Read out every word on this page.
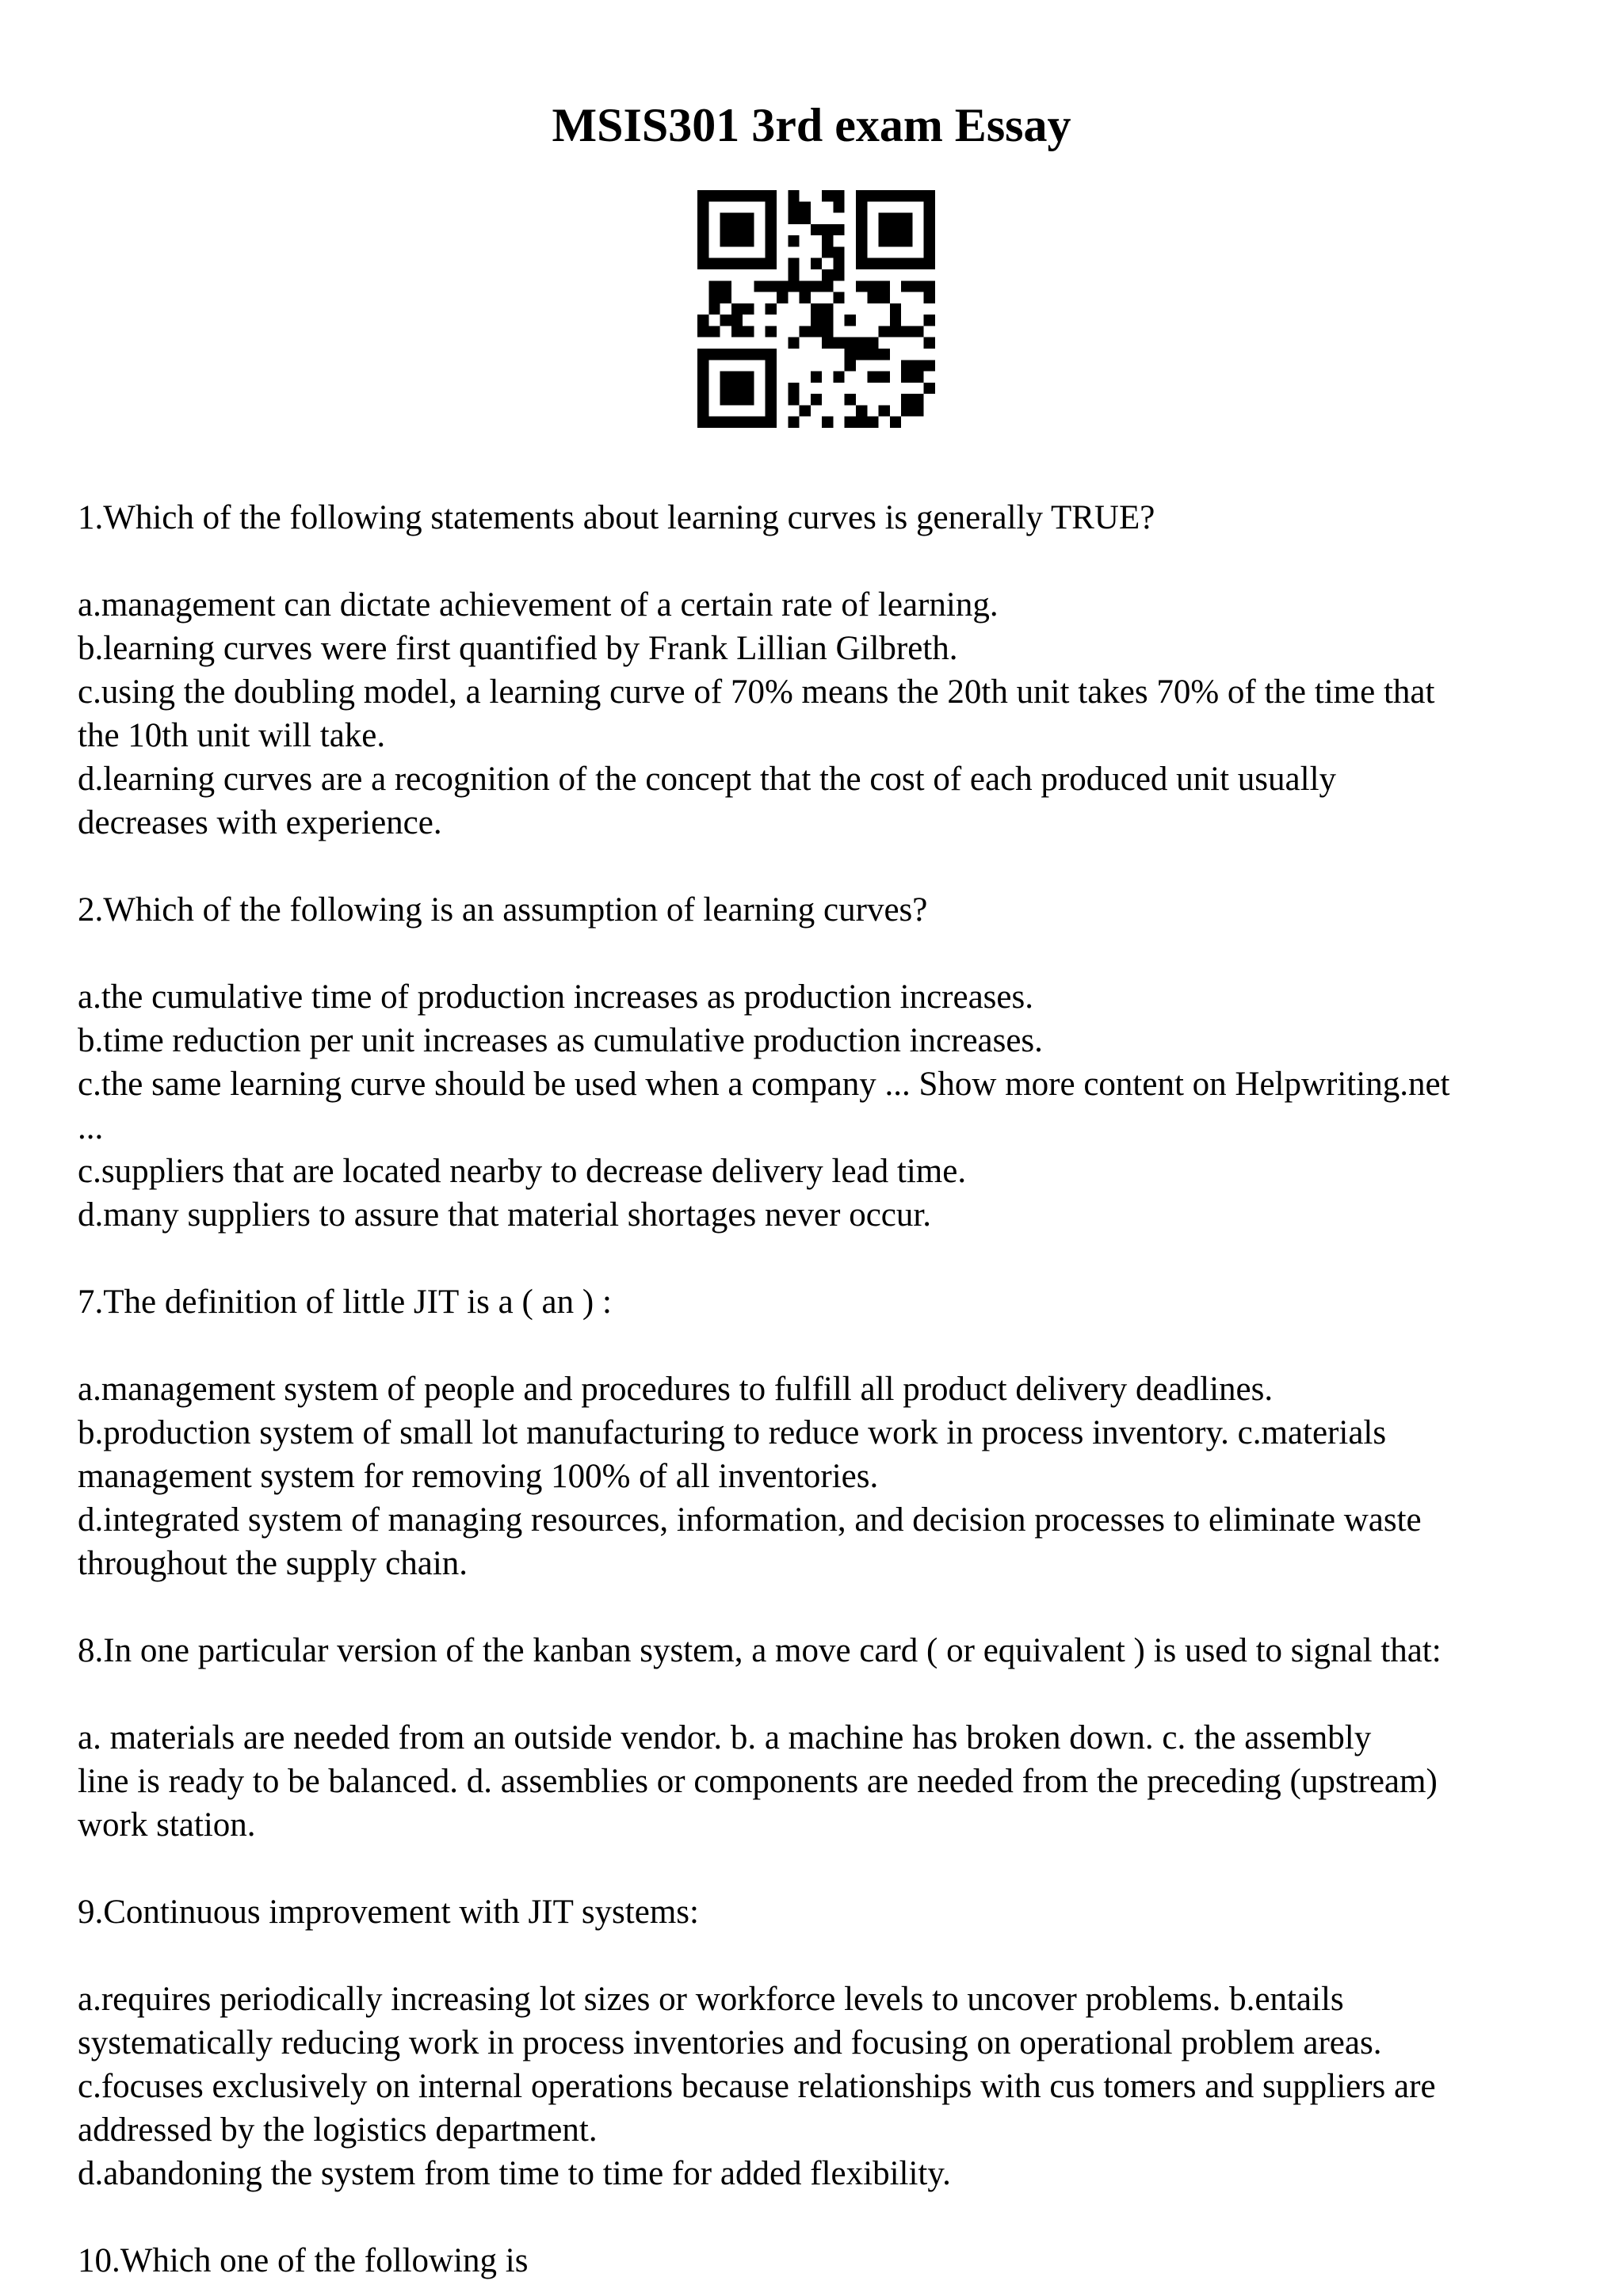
MSIS301 3rd exam Essay

1.Which of the following statements about learning curves is generally TRUE?

a.management can dictate achievement of a certain rate of learning.

b.learning curves were first quantified by Frank Lillian Gilbreth.

c.using the doubling model, a learning curve of 70% means the 20th unit takes 70% of the time that

the 10th unit will take.

d.learning curves are a recognition of the concept that the cost of each produced unit usually

decreases with experience.

2.Which of the following is an assumption of learning curves?

a.the cumulative time of production increases as production increases.

b.time reduction per unit increases as cumulative production increases.

c.the same learning curve should be used when a company ... Show more content on Helpwriting.net

...

c.suppliers that are located nearby to decrease delivery lead time.

d.many suppliers to assure that material shortages never occur.

7.The definition of little JIT is a ( an ) :

a.management system of people and procedures to fulfill all product delivery deadlines.

b.production system of small lot manufacturing to reduce work in process inventory. c.materials

management system for removing 100% of all inventories.

d.integrated system of managing resources, information, and decision processes to eliminate waste

throughout the supply chain.

8.In one particular version of the kanban system, a move card ( or equivalent ) is used to signal that:

a. materials are needed from an outside vendor. b. a machine has broken down. c. the assembly

line is ready to be balanced. d. assemblies or components are needed from the preceding (upstream)

work station.

9.Continuous improvement with JIT systems:

a.requires periodically increasing lot sizes or workforce levels to uncover problems. b.entails

systematically reducing work in process inventories and focusing on operational problem areas.

c.focuses exclusively on internal operations because relationships with cus tomers and suppliers are

addressed by the logistics department.

d.abandoning the system from time to time for added flexibility.

10.Which one of the following is
